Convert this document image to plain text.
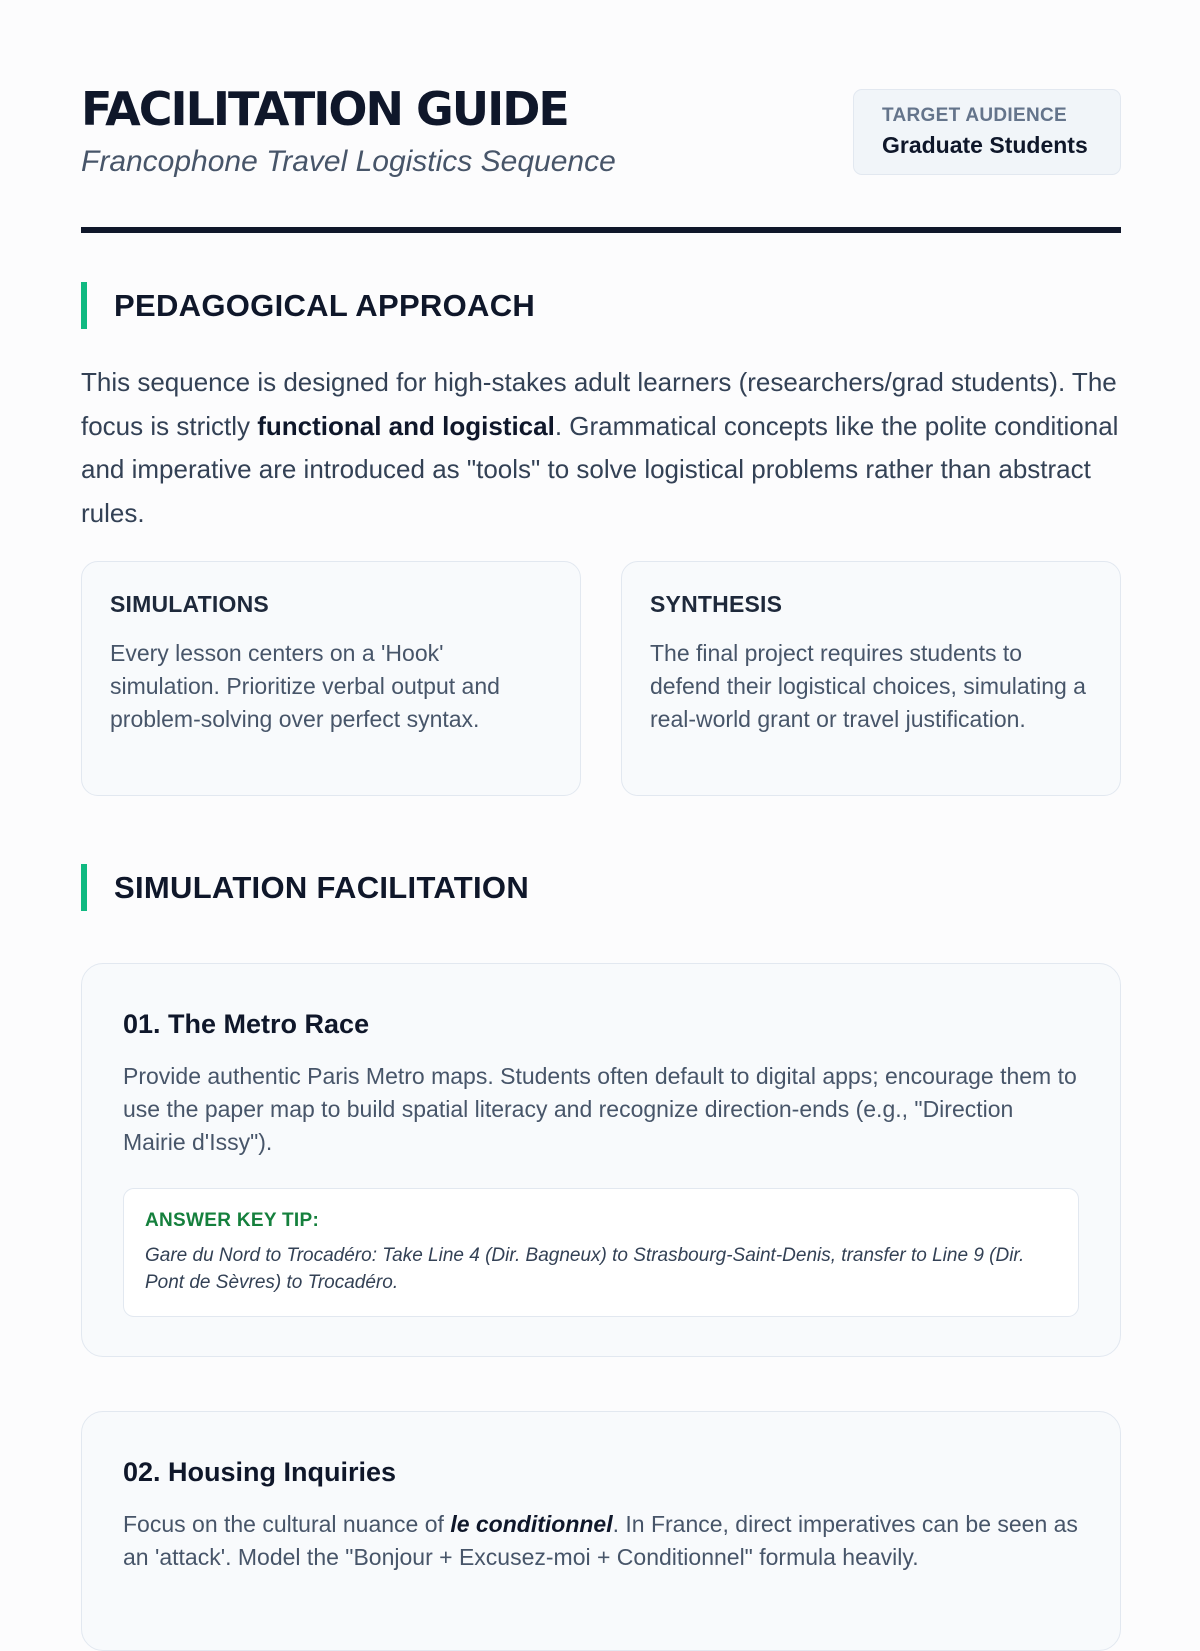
FACILITATION GUIDE

Francophone Travel Logistics Sequence

TARGET AUDIENCE
Graduate Students
PEDAGOGICAL APPROACH

This sequence is designed for high-stakes adult learners (researchers/grad students). The focus is strictly functional and logistical. Grammatical concepts like the polite conditional and imperative are introduced as "tools" to solve logistical problems rather than abstract rules.

SIMULATIONS

Every lesson centers on a 'Hook' simulation. Prioritize verbal output and problem-solving over perfect syntax.

SYNTHESIS

The final project requires students to defend their logistical choices, simulating a real-world grant or travel justification.

SIMULATION FACILITATION
01. The Metro Race

Provide authentic Paris Metro maps. Students often default to digital apps; encourage them to use the paper map to build spatial literacy and recognize direction-ends (e.g., "Direction Mairie d'Issy").

ANSWER KEY TIP:
Gare du Nord to Trocadéro: Take Line 4 (Dir. Bagneux) to Strasbourg-Saint-Denis, transfer to Line 9 (Dir. Pont de Sèvres) to Trocadéro.
02. Housing Inquiries

Focus on the cultural nuance of le conditionnel. In France, direct imperatives can be seen as an 'attack'. Model the "Bonjour + Excusez-moi + Conditionnel" formula heavily.
